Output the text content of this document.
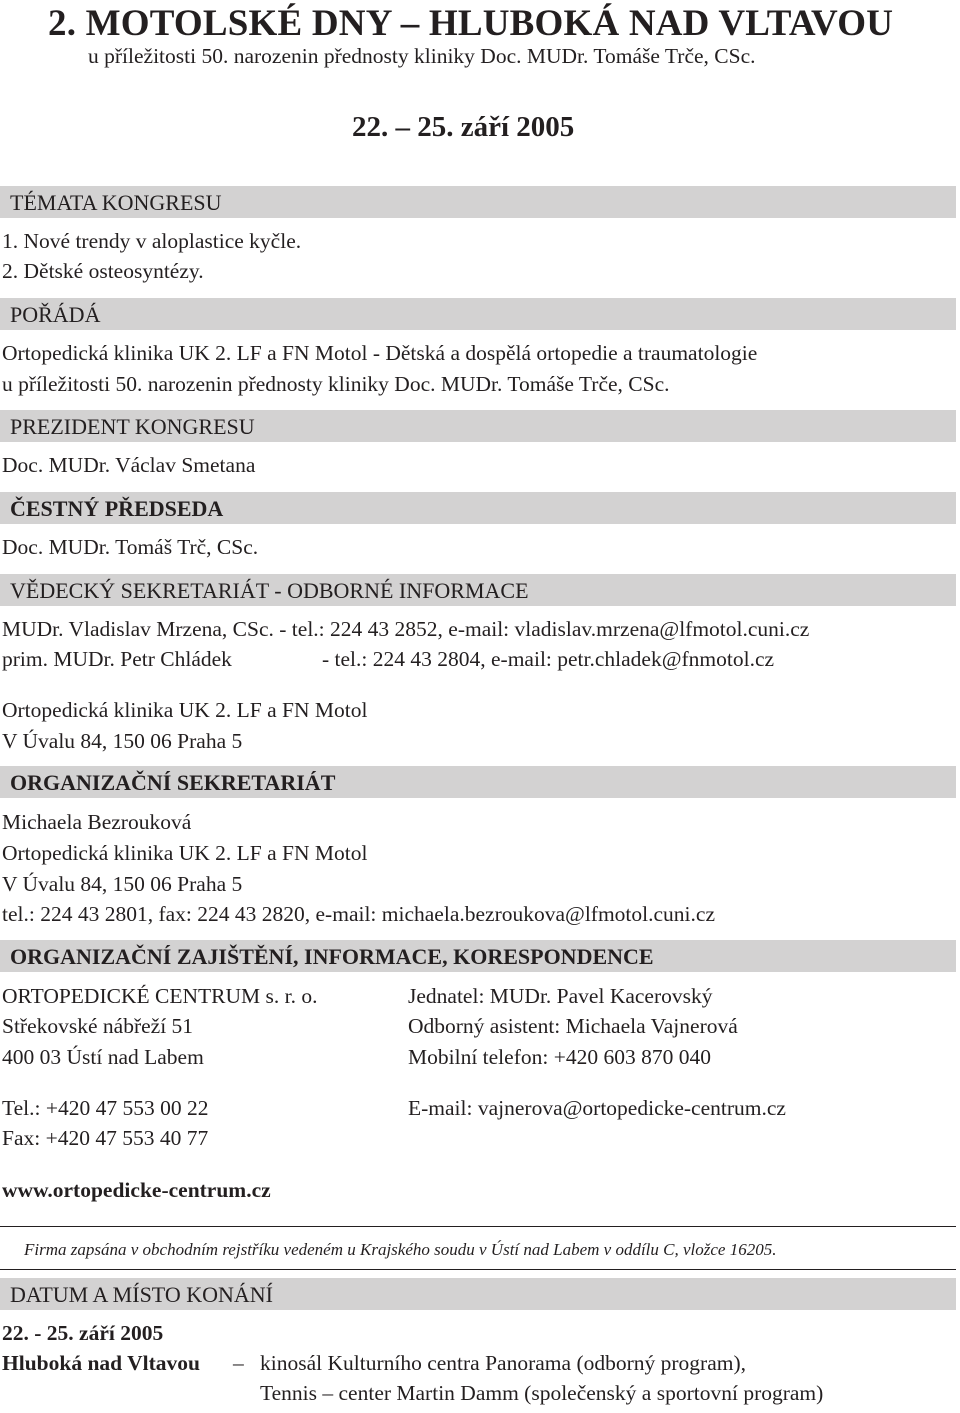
2. MOTOLSKÉ DNY – HLUBOKÁ NAD VLTAVOU
u příležitosti 50. narozenin přednosty kliniky Doc. MUDr. Tomáše Trče, CSc.
22. – 25. září 2005
TÉMATA KONGRESU
1. Nové trendy v aloplastice kyčle.
2. Dětské osteosyntézy.
POŘÁDÁ
Ortopedická klinika UK 2. LF a FN Motol - Dětská a dospělá ortopedie a traumatologie
u příležitosti 50. narozenin přednosty kliniky Doc. MUDr. Tomáše Trče, CSc.
PREZIDENT KONGRESU
Doc. MUDr. Václav Smetana
ČESTNÝ PŘEDSEDA
Doc. MUDr. Tomáš Trč, CSc.
VĚDECKÝ SEKRETARIÁT - ODBORNÉ INFORMACE
MUDr. Vladislav Mrzena, CSc. - tel.: 224 43 2852, e-mail: vladislav.mrzena@lfmotol.cuni.cz
prim. MUDr. Petr Chládek	- tel.: 224 43 2804, e-mail: petr.chladek@fnmotol.cz
Ortopedická klinika UK 2. LF a FN Motol
V Úvalu 84, 150 06 Praha 5
ORGANIZAČNÍ SEKRETARIÁT
Michaela Bezrouková
Ortopedická klinika UK 2. LF a FN Motol
V Úvalu 84, 150 06 Praha 5
tel.: 224 43 2801, fax: 224 43 2820, e-mail: michaela.bezroukova@lfmotol.cuni.cz
ORGANIZAČNÍ ZAJIŠTĚNÍ, INFORMACE, KORESPONDENCE
ORTOPEDICKÉ CENTRUM s. r. o.
Střekovské nábřeží 51
400 03 Ústí nad Labem
Jednatel: MUDr. Pavel Kacerovský
Odborný asistent: Michaela Vajnerová
Mobilní telefon: +420 603 870 040
Tel.: +420 47 553 00 22
Fax: +420 47 553 40 77
E-mail: vajnerova@ortopedicke-centrum.cz
www.ortopedicke-centrum.cz
Firma zapsána v obchodním rejstříku vedeném u Krajského soudu v Ústí nad Labem v oddílu C, vložce 16205.
DATUM A MÍSTO KONÁNÍ
22. - 25. září 2005
Hluboká nad Vltavou – kinosál Kulturního centra Panorama (odborný program),
Tennis – center Martin Damm (společenský a sportovní program)
